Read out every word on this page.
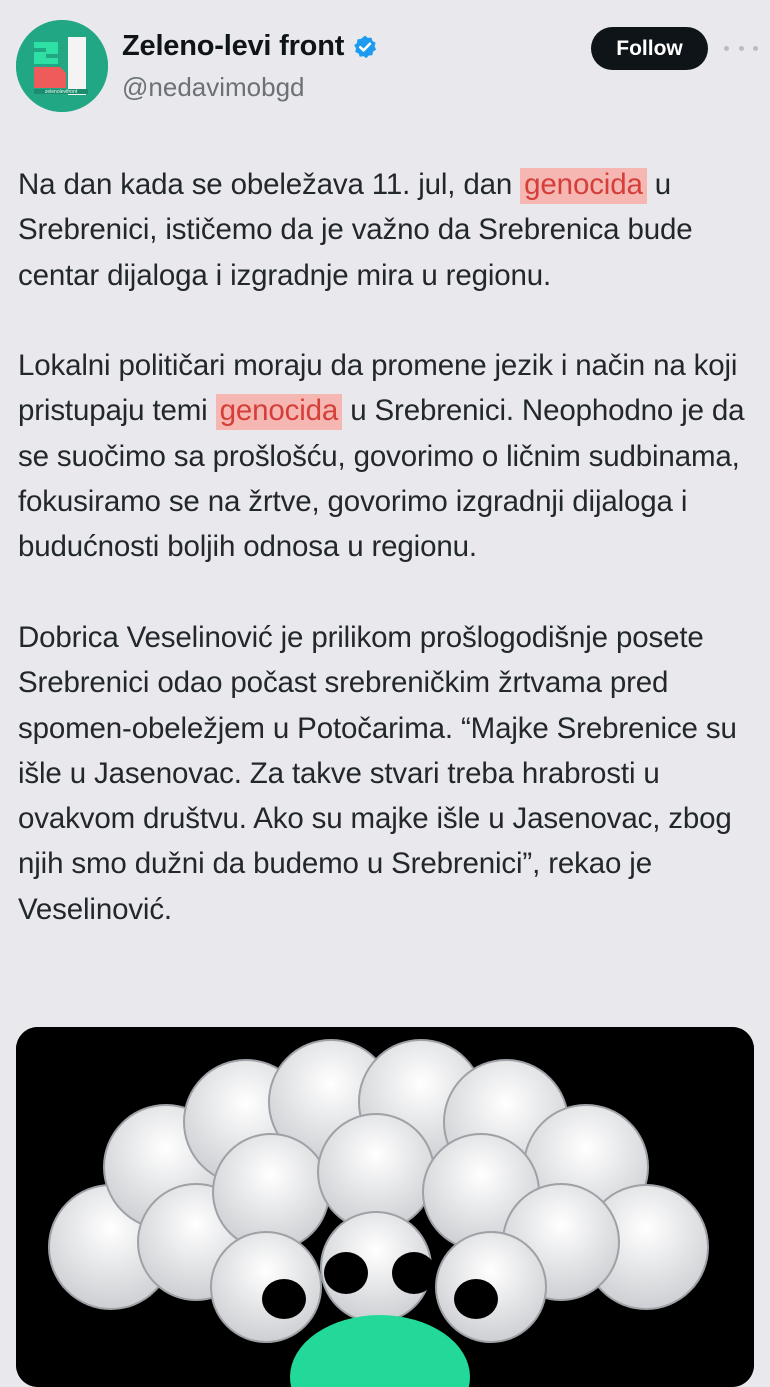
zelenolevifront
Zeleno-levi front
@nedavimobgd
Follow

Na dan kada se obeležava 11. jul, dan genocida u Srebrenici, ističemo da je važno da Srebrenica bude centar dijaloga i izgradnje mira u regionu.

Lokalni političari moraju da promene jezik i način na koji pristupaju temi genocida u Srebrenici. Neophodno je da se suočimo sa prošlošću, govorimo o ličnim sudbinama, fokusiramo se na žrtve, govorimo izgradnji dijaloga i budućnosti boljih odnosa u regionu.

Dobrica Veselinović je prilikom prošlogodišnje posete Srebrenici odao počast srebreničkim žrtvama pred spomen-obeležjem u Potočarima. “Majke Srebrenice su išle u Jasenovac. Za takve stvari treba hrabrosti u ovakvom društvu. Ako su majke išle u Jasenovac, zbog njih smo dužni da budemo u Srebrenici”, rekao je Veselinović.
